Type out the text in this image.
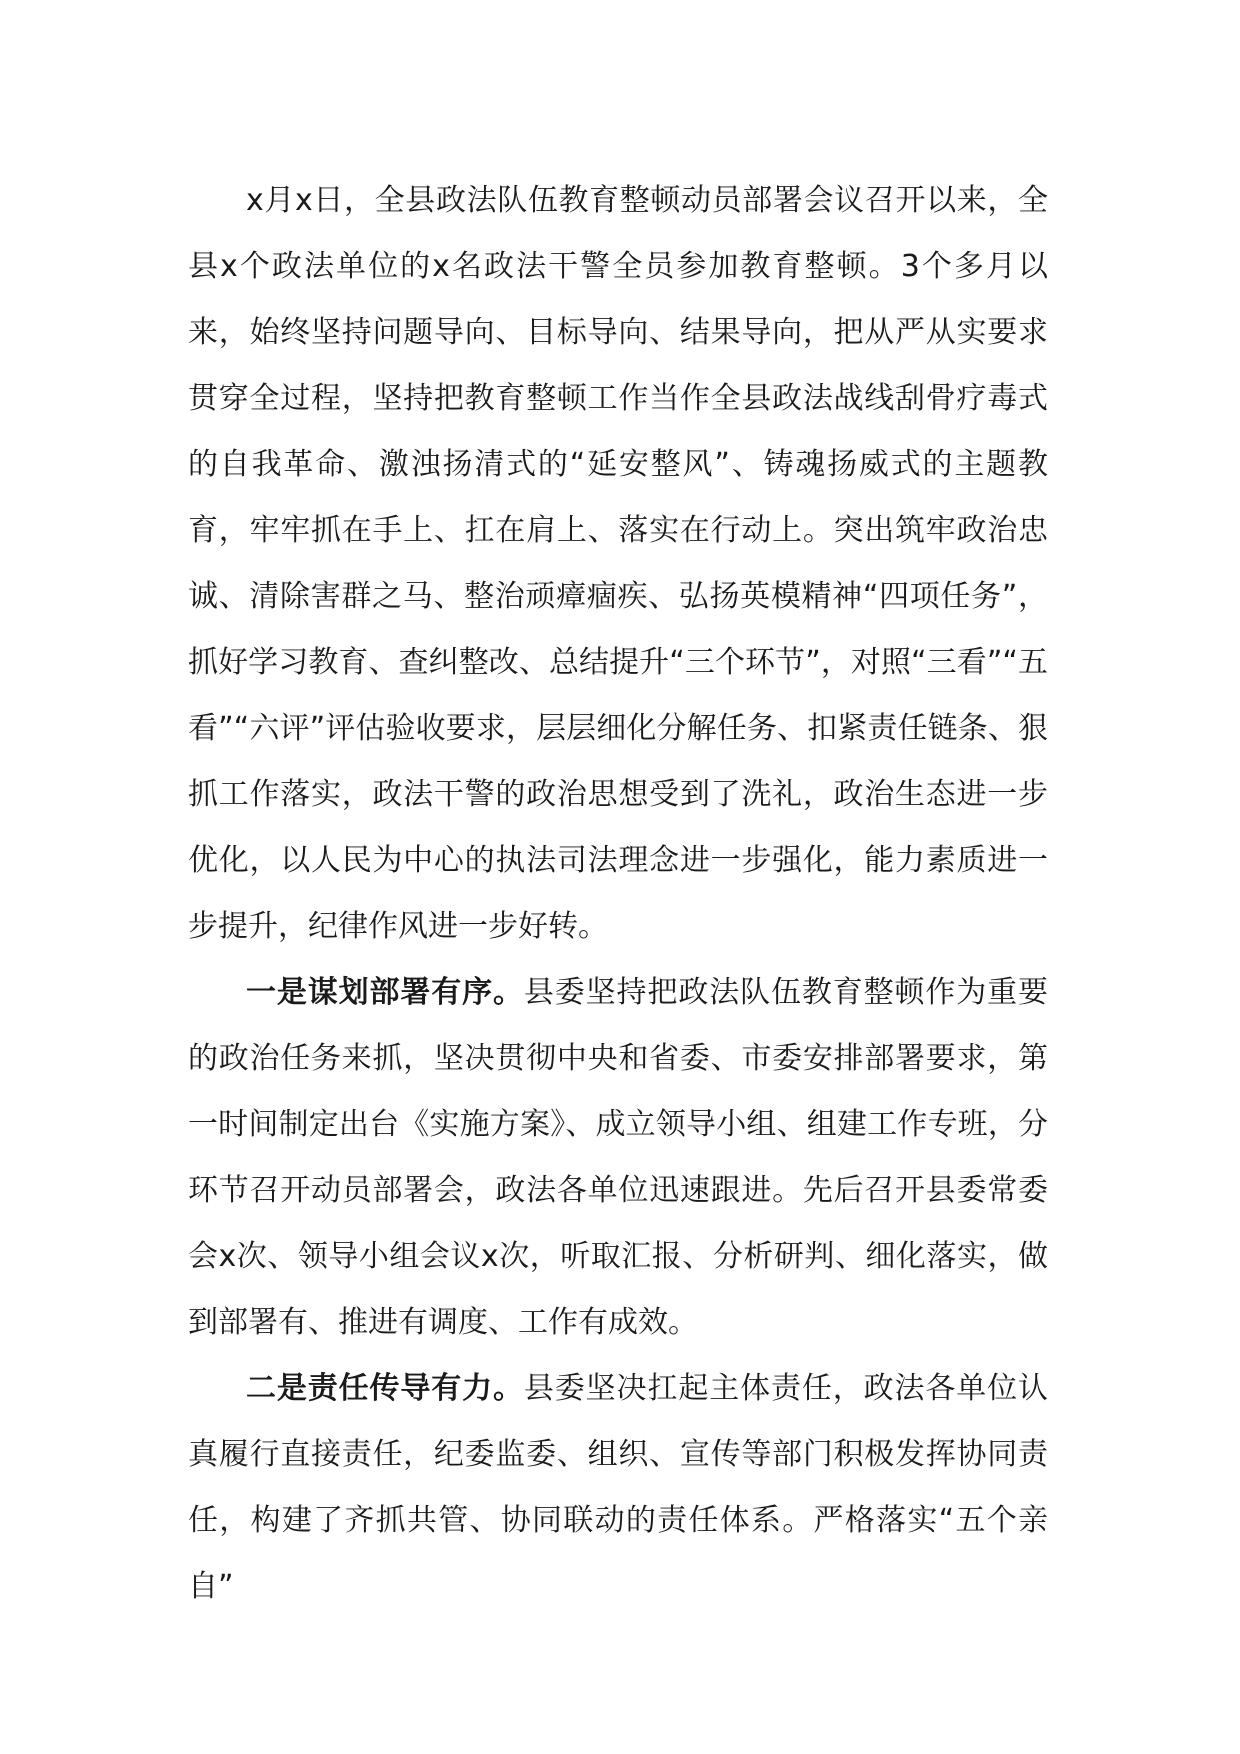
x月x日，全县政法队伍教育整顿动员部署会议召开以来，全县x个政法单位的x名政法干警全员参加教育整顿。3个多月以来，始终坚持问题导向、目标导向、结果导向，把从严从实要求贯穿全过程，坚持把教育整顿工作当作全县政法战线刮骨疗毒式的自我革命、激浊扬清式的“延安整风”、铸魂扬威式的主题教育，牢牢抓在手上、扛在肩上、落实在行动上。突出筑牢政治忠诚、清除害群之马、整治顽瘴痼疾、弘扬英模精神“四项任务”，抓好学习教育、查纠整改、总结提升“三个环节”，对照“三看”“五看”“六评”评估验收要求，层层细化分解任务、扣紧责任链条、狠抓工作落实，政法干警的政治思想受到了洗礼，政治生态进一步优化，以人民为中心的执法司法理念进一步强化，能力素质进一步提升，纪律作风进一步好转。

一是谋划部署有序。县委坚持把政法队伍教育整顿作为重要的政治任务来抓，坚决贯彻中央和省委、市委安排部署要求，第一时间制定出台《实施方案》、成立领导小组、组建工作专班，分环节召开动员部署会，政法各单位迅速跟进。先后召开县委常委会x次、领导小组会议x次，听取汇报、分析研判、细化落实，做到部署有、推进有调度、工作有成效。

二是责任传导有力。县委坚决扛起主体责任，政法各单位认真履行直接责任，纪委监委、组织、宣传等部门积极发挥协同责任，构建了齐抓共管、协同联动的责任体系。严格落实“五个亲自”
